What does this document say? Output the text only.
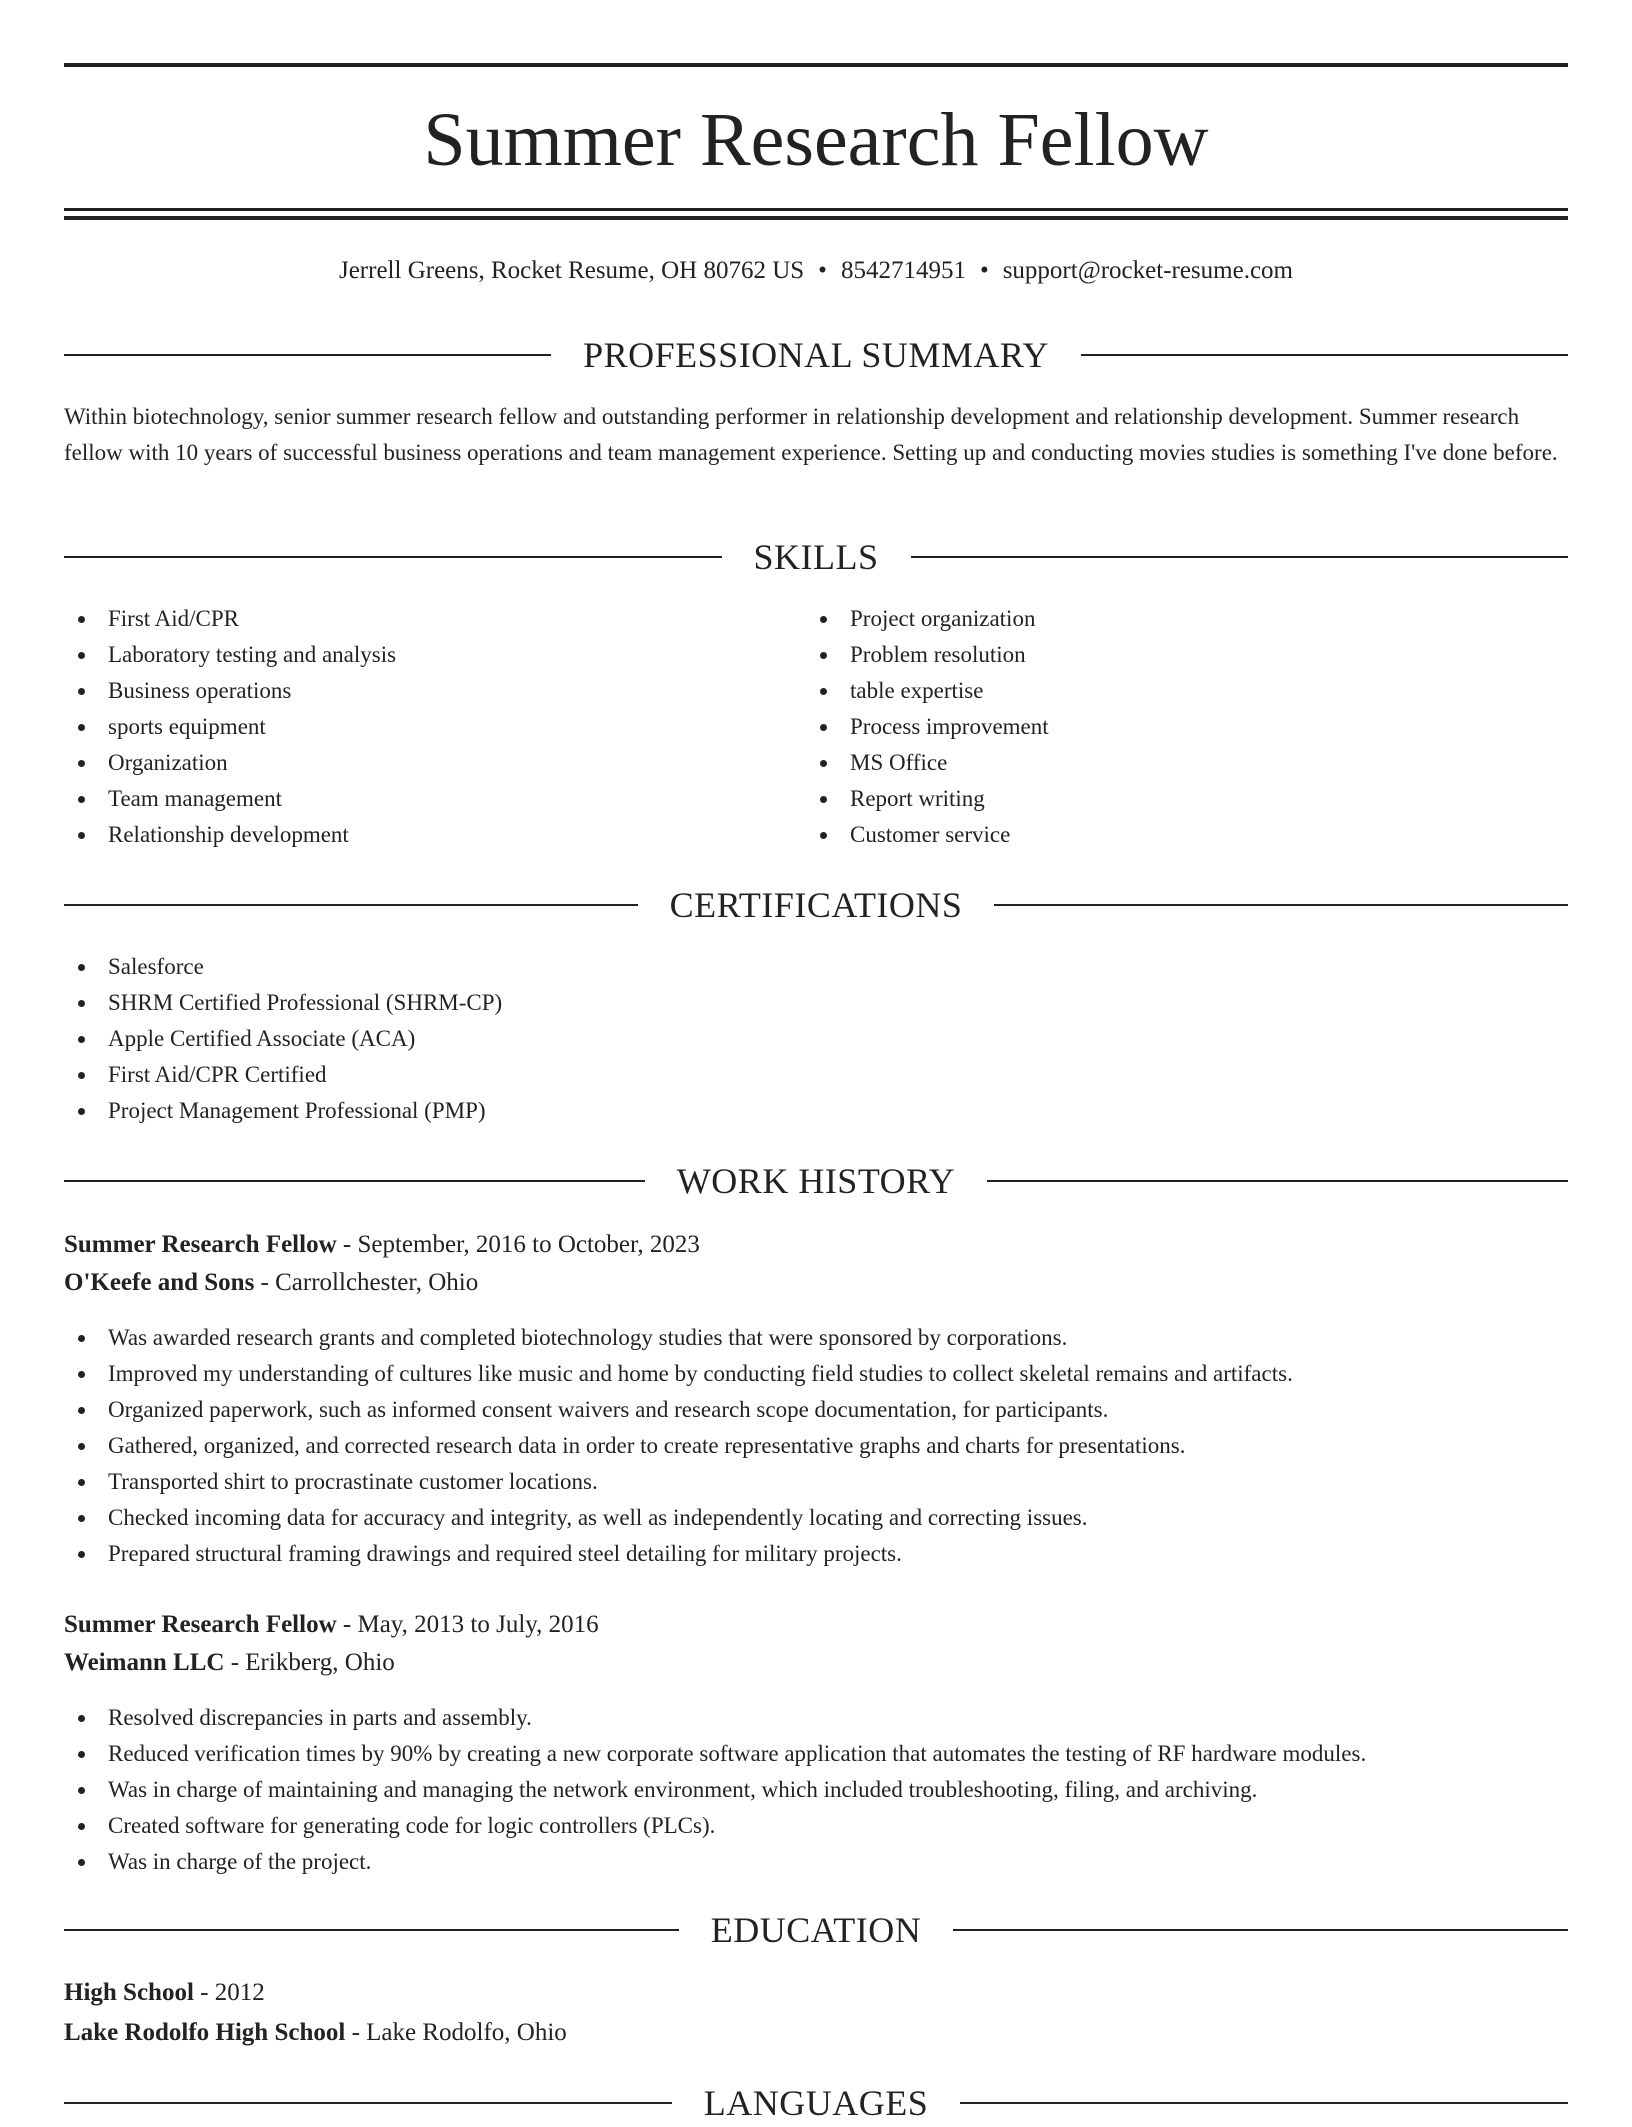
Summer Research Fellow
Jerrell Greens, Rocket Resume, OH 80762 US • 8542714951 • support@rocket-resume.com
PROFESSIONAL SUMMARY
Within biotechnology, senior summer research fellow and outstanding performer in relationship development and relationship development. Summer research fellow with 10 years of successful business operations and team management experience. Setting up and conducting movies studies is something I've done before.
SKILLS
First Aid/CPR
Laboratory testing and analysis
Business operations
sports equipment
Organization
Team management
Relationship development
Project organization
Problem resolution
table expertise
Process improvement
MS Office
Report writing
Customer service
CERTIFICATIONS
Salesforce
SHRM Certified Professional (SHRM-CP)
Apple Certified Associate (ACA)
First Aid/CPR Certified
Project Management Professional (PMP)
WORK HISTORY
Summer Research Fellow - September, 2016 to October, 2023
O'Keefe and Sons - Carrollchester, Ohio
Was awarded research grants and completed biotechnology studies that were sponsored by corporations.
Improved my understanding of cultures like music and home by conducting field studies to collect skeletal remains and artifacts.
Organized paperwork, such as informed consent waivers and research scope documentation, for participants.
Gathered, organized, and corrected research data in order to create representative graphs and charts for presentations.
Transported shirt to procrastinate customer locations.
Checked incoming data for accuracy and integrity, as well as independently locating and correcting issues.
Prepared structural framing drawings and required steel detailing for military projects.
Summer Research Fellow - May, 2013 to July, 2016
Weimann LLC - Erikberg, Ohio
Resolved discrepancies in parts and assembly.
Reduced verification times by 90% by creating a new corporate software application that automates the testing of RF hardware modules.
Was in charge of maintaining and managing the network environment, which included troubleshooting, filing, and archiving.
Created software for generating code for logic controllers (PLCs).
Was in charge of the project.
EDUCATION
High School - 2012
Lake Rodolfo High School - Lake Rodolfo, Ohio
LANGUAGES
